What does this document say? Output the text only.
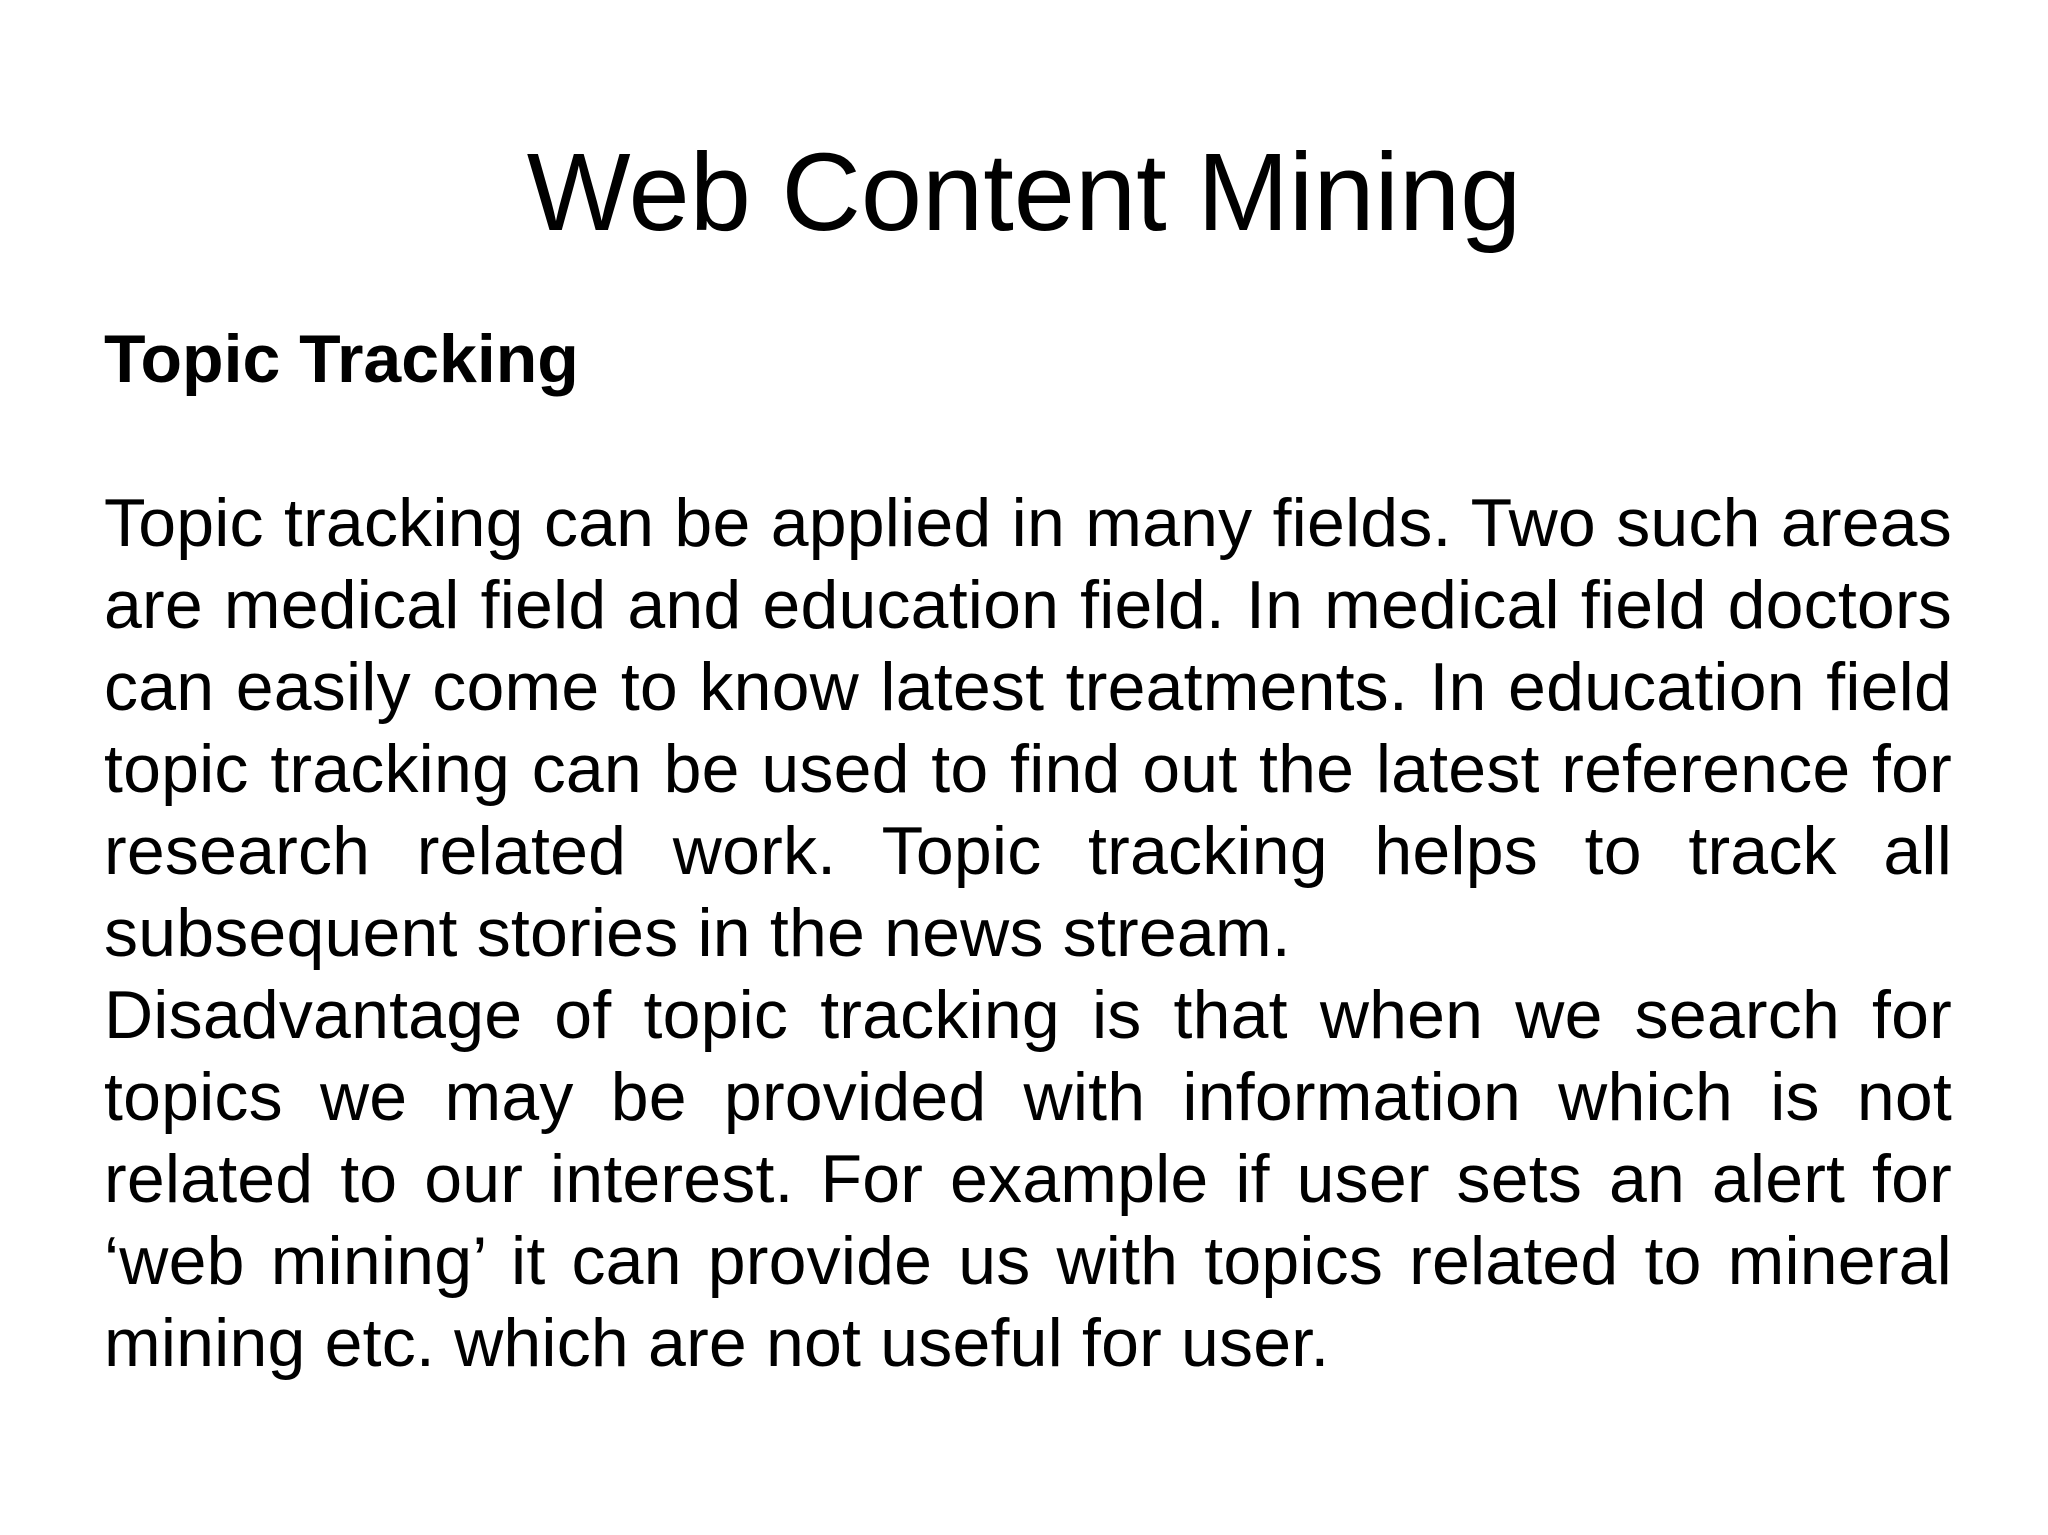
Web Content Mining

Topic Tracking

Topic tracking can be applied in many fields. Two such areas are medical field and education field. In medical field doctors can easily come to know latest treatments. In education field topic tracking can be used to find out the latest reference for research related work. Topic tracking helps to track all subsequent stories in the news stream.

Disadvantage of topic tracking is that when we search for topics we may be provided with information which is not related to our interest. For example if user sets an alert for ‘web mining’ it can provide us with topics related to mineral mining etc. which are not useful for user.
